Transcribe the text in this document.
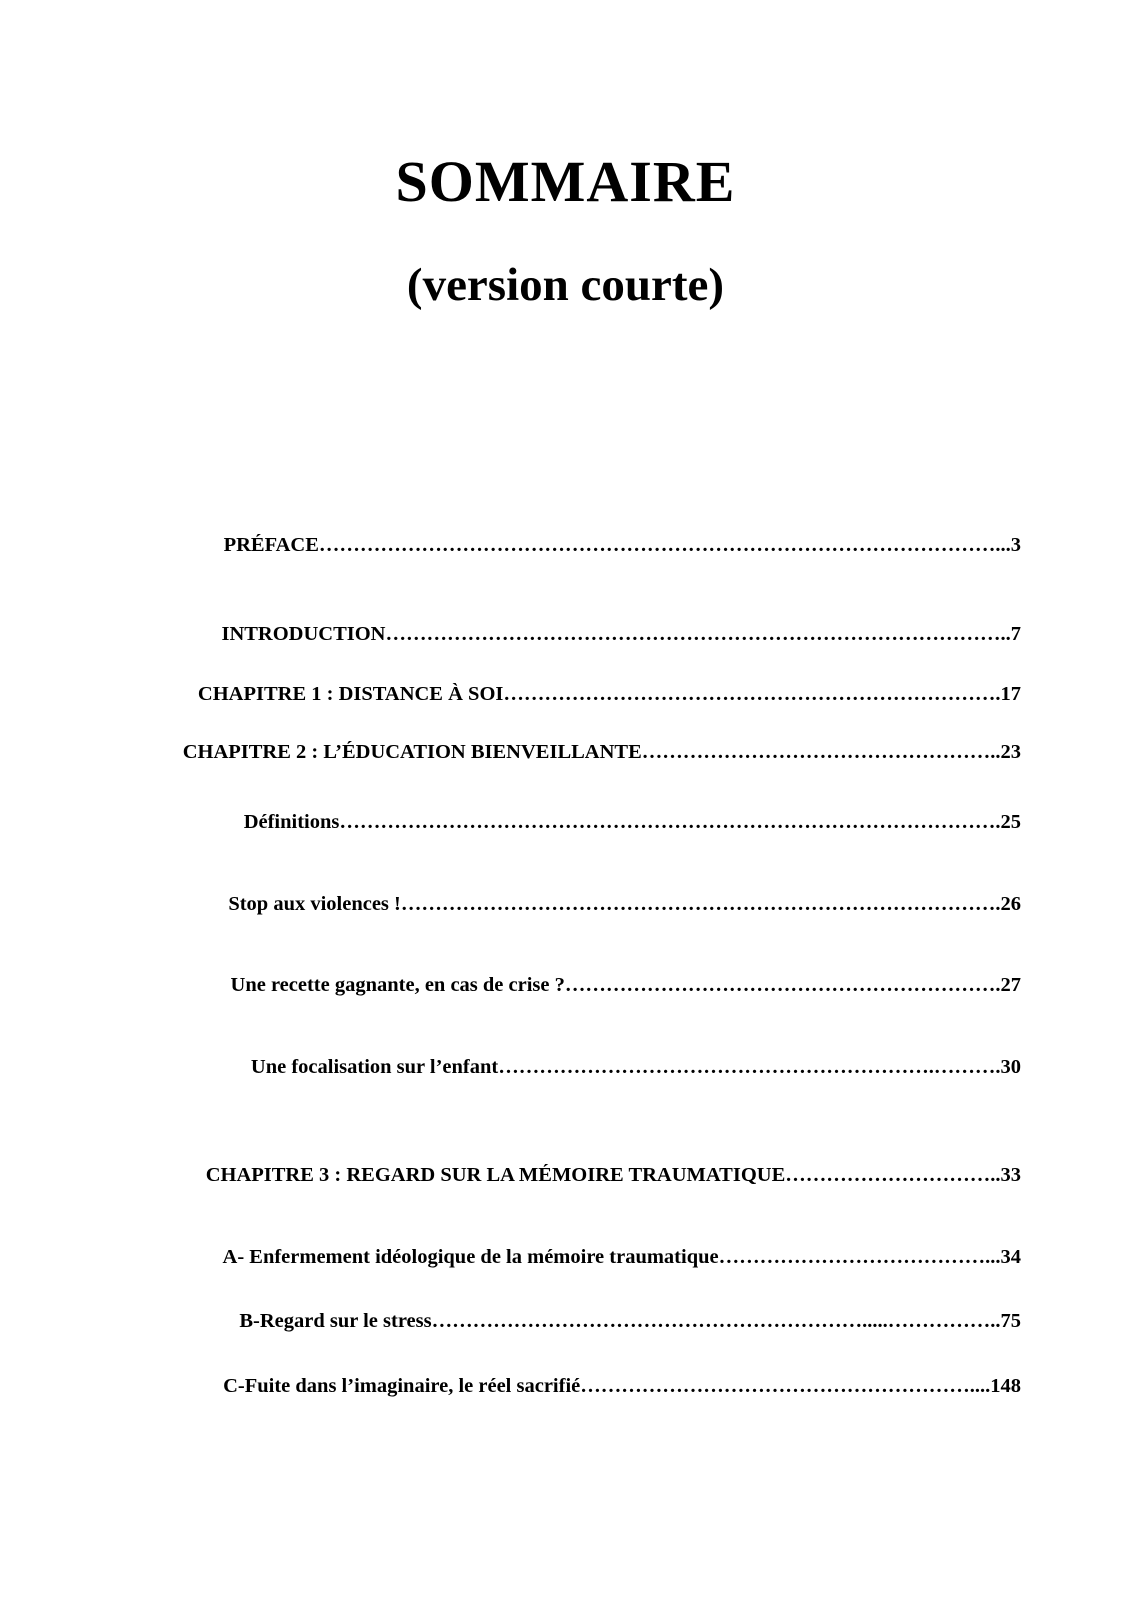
SOMMAIRE
(version courte)
PRÉFACE………………………………………………………………………………………...3
INTRODUCTION………………………………………………………………………………..7
CHAPITRE 1 : DISTANCE À SOI……………………………………………………………….17
CHAPITRE 2 : L’ÉDUCATION BIENVEILLANTE……………………………………………..23
Définitions…………………………………………………………………………………….25
Stop aux violences !…………………………………………………………………………….26
Une recette gagnante, en cas de crise ?……………………………………………………….27
Une focalisation sur l’enfant……………………………………………………….……….30
CHAPITRE 3 : REGARD SUR LA MÉMOIRE TRAUMATIQUE…………………………..33
A- Enfermement idéologique de la mémoire traumatique…………………………………...34
B-Regard sur le stress……………………………………………………….....……………..75
C-Fuite dans l’imaginaire, le réel sacrifié…………………………………………………....148
